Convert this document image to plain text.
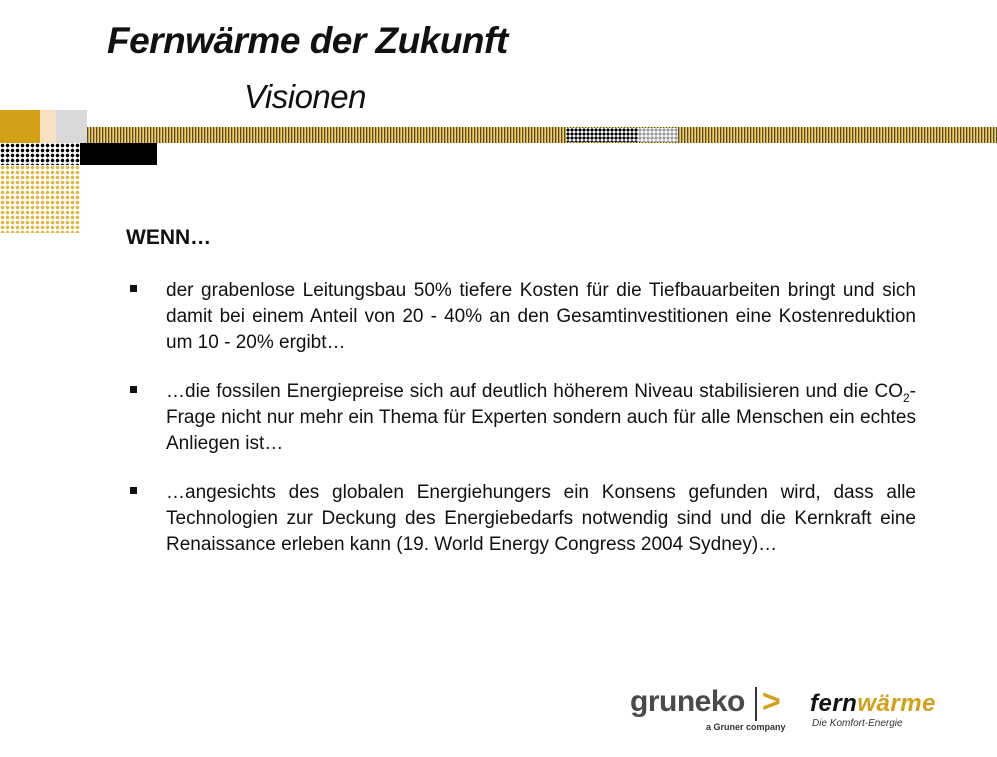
Fernwärme der Zukunft
Visionen
WENN…
der grabenlose Leitungsbau 50% tiefere Kosten für die Tiefbauarbeiten bringt und sich damit bei einem Anteil von 20 - 40% an den Gesamtinvestitionen eine Kostenreduktion um 10 - 20% ergibt…
…die fossilen Energiepreise sich auf deutlich höherem Niveau stabilisieren und die $CO_2$-Frage nicht nur mehr ein Thema für Experten sondern auch für alle Menschen ein echtes Anliegen ist…
…angesichts des globalen Energiehungers ein Konsens gefunden wird, dass alle Technologien zur Deckung des Energiebedarfs notwendig sind und die Kernkraft eine Renaissance erleben kann (19. World Energy Congress 2004 Sydney)…
gruneko >
a Gruner company
fernwärme
Die Komfort-Energie
